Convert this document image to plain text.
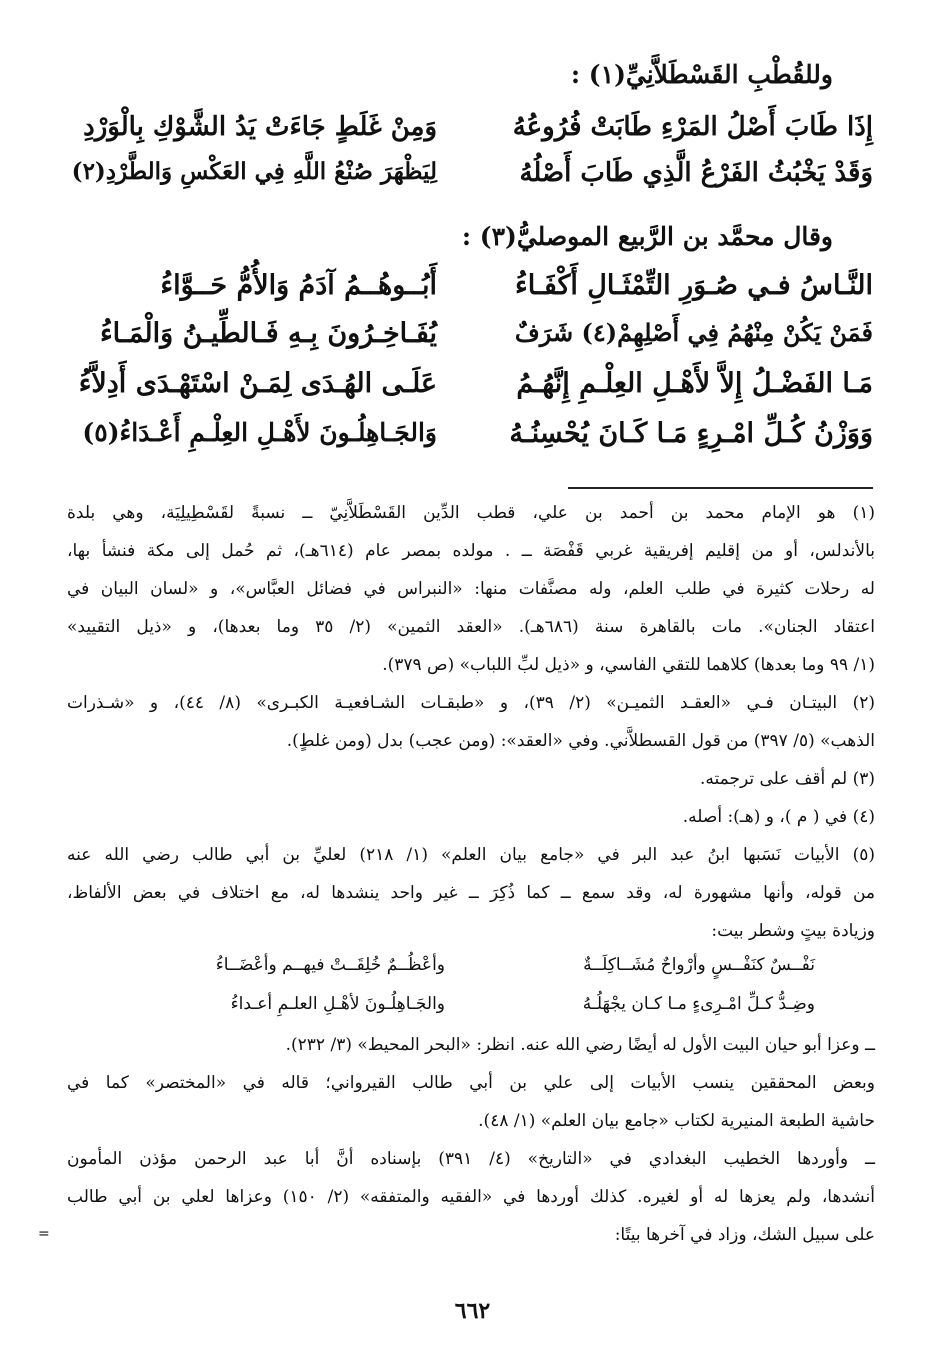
وللقُطْبِ القَسْطَلاَّنِيِّ(١) :
إِذَا طَابَ أَصْلُ المَرْءِ طَابَتْ فُرُوعُهُ
وَمِنْ غَلَطٍ جَاءَتْ يَدُ الشَّوْكِ بِالْوَرْدِ
وَقَدْ يَخْبُثُ الفَرْعُ الَّذِي طَابَ أَصْلُهُ
لِيَظْهَرَ صُنْعُ اللَّهِ فِي العَكْسِ وَالطَّرْدِ(٢)
وقال محمَّد بن الرَّبيع الموصليُّ(٣) :
النَّـاسُ فـي صُـوَرِ التِّمْثَـالِ أَكْفَـاءُ
أَبُــوهُــمُ آدَمُ وَالأُمُّ حَــوَّاءُ
فَمَنْ يَكُنْ مِنْهُمُ فِي أَصْلِهِمْ(٤) شَرَفٌ
يُفَـاخِـرُونَ بِـهِ فَـالطِّيـنُ وَالْمَـاءُ
مَـا الفَضْـلُ إِلاَّ لأَهْـلِ العِلْـمِ إِنَّهُـمُ
عَلَـى الهُـدَى لِمَـنْ اسْتَهْـدَى أَدِلاَّءُ
وَوَزْنُ كُـلِّ امْـرِءٍ مَـا كَـانَ يُحْسِنُـهُ
وَالجَـاهِلُـونَ لأَهْـلِ العِلْـمِ أَعْـدَاءُ(٥)
(١) هو الإمام محمد بن أحمد بن علي، قطب الدِّين القَسْطَلاَّنِيّ ــ نسبةً لقَسْطِيلِيَة، وهي بلدة
بالأندلس، أو من إقليم إفريقية غربي قَفْصَة ــ . مولده بمصر عام (٦١٤هـ)، ثم حُمل إلى مكة فنشأ بها،
له رحلات كثيرة في طلب العلم، وله مصنَّفات منها: «النبراس في فضائل العبَّاس»، و «لسان البيان في
اعتقاد الجنان». مات بالقاهرة سنة (٦٨٦هـ). «العقد الثمين» (٢/ ٣٥ وما بعدها)، و «ذيل التقييد»
(١/ ٩٩ وما بعدها) كلاهما للتقي الفاسي، و «ذيل لبِّ اللباب» (ص ٣٧٩).
(٢) البيتـان فـي «العقـد الثميـن» (٢/ ٣٩)، و «طبقـات الشـافعيـة الكبـرى» (٨/ ٤٤)، و «شـذرات
الذهب» (٥/ ٣٩٧) من قول القسطلاَّني. وفي «العقد»: (ومن عجب) بدل (ومن غلطٍ).
(٣) لم أقف على ترجمته.
(٤) في ( م )، و (هـ): أصله.
(٥) الأبيات نَسَبها ابنُ عبد البر في «جامع بيان العلم» (١/ ٢١٨) لعليِّ بن أبي طالب رضي الله عنه
من قوله، وأنها مشهورة له، وقد سمع ــ كما ذُكِرَ ــ غير واحد ينشدها له، مع اختلاف في بعض الألفاظ،
وزيادة بيتٍ وشطر بيت:
نَفْــسٌ كنَفْــسٍ وأرْواحٌ مُشَــاكِلَــةٌ
وأعْظُــمٌ خُلِقَــتْ فيهــم وأعْضَــاءُ
وضِـدُّ كـلِّ امْـرِىءٍ مـا كـان يجْهَلُـهُ
والجَـاهِلُـونَ لأهْـلِ العلـمِ أعـداءُ
ــ وعزا أبو حيان البيت الأول له أيضًا رضي الله عنه. انظر: «البحر المحيط» (٣/ ٢٣٢).
وبعض المحققين ينسب الأبيات إلى علي بن أبي طالب القيرواني؛ قاله في «المختصر» كما في
حاشية الطبعة المنيرية لكتاب «جامع بيان العلم» (١/ ٤٨).
ــ وأوردها الخطيب البغدادي في «التاريخ» (٤/ ٣٩١) بإسناده أنَّ أبا عبد الرحمن مؤذن المأمون
أنشدها، ولم يعزها له أو لغيره. كذلك أوردها في «الفقيه والمتفقه» (٢/ ١٥٠) وعزاها لعلي بن أبي طالب
على سبيل الشك، وزاد في آخرها بيتًا:
=
٦٦٢
